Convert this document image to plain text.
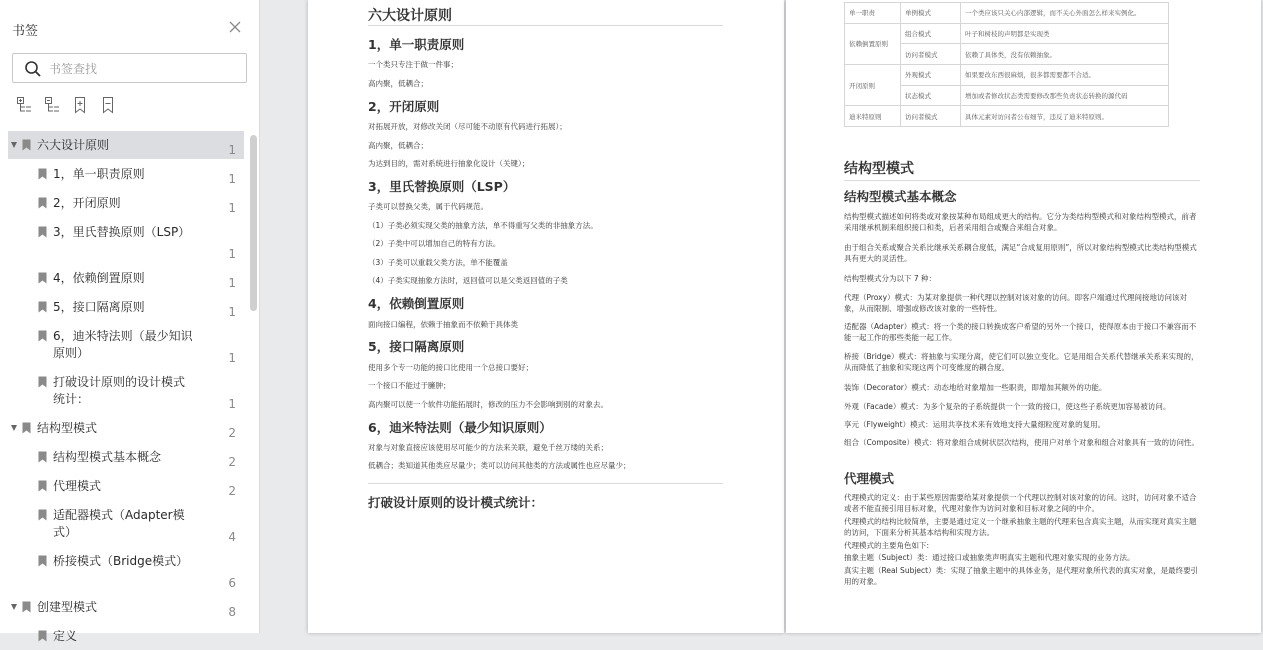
书签
书签查找
六大设计原则	1
1，单一职责原则	1
2，开闭原则	1
3，里氏替换原则（LSP）
1
4，依赖倒置原则	1
5，接口隔离原则	1
6，迪米特法则（最少知识原则）	1
打破设计原则的设计模式统计：	1
结构型模式	2
结构型模式基本概念	2
代理模式	2
适配器模式（Adapter模式）	4
桥接模式（Bridge模式）
6
创建型模式	8
定义
六大设计原则
1，单一职责原则
一个类只专注于做一件事；
高内聚，低耦合；
2，开闭原则
对拓展开放，对修改关闭（尽可能不动原有代码进行拓展）；
高内聚，低耦合；
为达到目的，需对系统进行抽象化设计（关键）；
3，里氏替换原则（LSP）
子类可以替换父类，属于代码规范。
（1）子类必须实现父类的抽象方法，单不得重写父类的非抽象方法。
（2）子类中可以增加自己的特有方法。
（3）子类可以重载父类方法，单不能覆盖
（4）子类实现抽象方法时，返回值可以是父类返回值的子类
4，依赖倒置原则
面向接口编程，依赖于抽象而不依赖于具体类
5，接口隔离原则
使用多个专一功能的接口比使用一个总接口要好；
一个接口不能过于臃肿；
高内聚可以使一个软件功能拓展时，修改的压力不会影响到别的对象去。
6，迪米特法则（最少知识原则）
对象与对象直接应该使用尽可能少的方法来关联，避免千丝万缕的关系；
低耦合；类知道其他类应尽量少；类可以访问其他类的方法或属性也应尽量少；
打破设计原则的设计模式统计：
单一职责	单例模式	一个类应该只关心内部逻辑，而不关心外面怎么样来实例化。
依赖倒置原则	组合模式	叶子和树枝的声明都是实现类
	访问者模式	依赖了具体类，没有依赖抽象。
开闭原则	外观模式	如果要改东西很麻烦，很多都需要都不合适。
	状态模式	增加或者修改状态类需要修改那些负责状态转换的源代码
迪米特原则	访问者模式	具体元素对访问者公布细节，违反了迪米特原则。
结构型模式
结构型模式基本概念
结构型模式描述如何将类或对象按某种布局组成更大的结构。它分为类结构型模式和对象结构型模式，前者采用继承机制来组织接口和类，后者采用组合或聚合来组合对象。
由于组合关系或聚合关系比继承关系耦合度低，满足“合成复用原则”，所以对象结构型模式比类结构型模式具有更大的灵活性。
结构型模式分为以下 7 种：
代理（Proxy）模式：为某对象提供一种代理以控制对该对象的访问。即客户端通过代理间接地访问该对象，从而限制、增强或修改该对象的一些特性。
适配器（Adapter）模式：将一个类的接口转换成客户希望的另外一个接口，使得原本由于接口不兼容而不能一起工作的那些类能一起工作。
桥接（Bridge）模式：将抽象与实现分离，使它们可以独立变化。它是用组合关系代替继承关系来实现的，从而降低了抽象和实现这两个可变维度的耦合度。
装饰（Decorator）模式：动态地给对象增加一些职责，即增加其额外的功能。
外观（Facade）模式：为多个复杂的子系统提供一个一致的接口，使这些子系统更加容易被访问。
享元（Flyweight）模式：运用共享技术来有效地支持大量细粒度对象的复用。
组合（Composite）模式：将对象组合成树状层次结构，使用户对单个对象和组合对象具有一致的访问性。
代理模式
代理模式的定义：由于某些原因需要给某对象提供一个代理以控制对该对象的访问。这时，访问对象不适合或者不能直接引用目标对象，代理对象作为访问对象和目标对象之间的中介。
代理模式的结构比较简单，主要是通过定义一个继承抽象主题的代理来包含真实主题，从而实现对真实主题的访问，下面来分析其基本结构和实现方法。
代理模式的主要角色如下:
抽象主题（Subject）类：通过接口或抽象类声明真实主题和代理对象实现的业务方法。
真实主题（Real Subject）类：实现了抽象主题中的具体业务，是代理对象所代表的真实对象，是最终要引用的对象。
